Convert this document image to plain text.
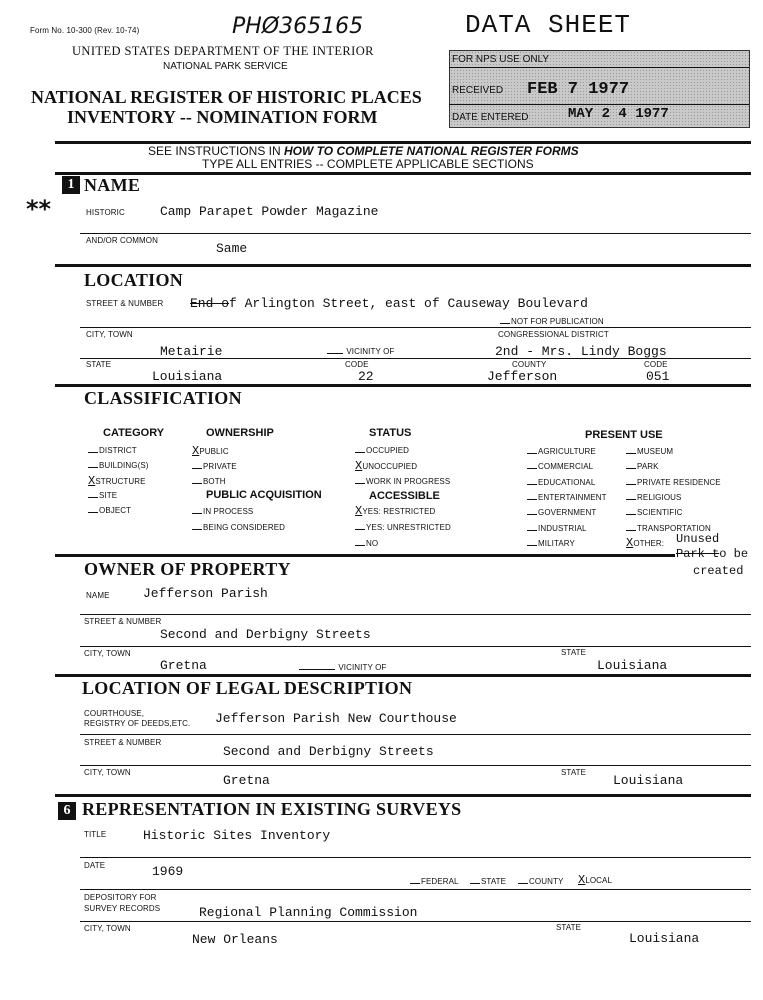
Form No. 10-300 (Rev. 10-74)	PHØ365165	DATA SHEET
UNITED STATES DEPARTMENT OF THE INTERIOR
NATIONAL PARK SERVICE
NATIONAL REGISTER OF HISTORIC PLACES
INVENTORY -- NOMINATION FORM
FOR NPS USE ONLY
RECEIVED FEB 7 1977
DATE ENTERED	MAY 2 4 1977
SEE INSTRUCTIONS IN HOW TO COMPLETE NATIONAL REGISTER FORMS
TYPE ALL ENTRIES -- COMPLETE APPLICABLE SECTIONS
1 NAME
**	HISTORIC	Camp Parapet Powder Magazine
AND/OR COMMON
Same
LOCATION
STREET & NUMBER End of Arlington Street, east of Causeway Boulevard
NOT FOR PUBLICATION
CITY, TOWN	CONGRESSIONAL DISTRICT
Metairie	VICINITY OF	2nd - Mrs. Lindy Boggs
STATE	CODE	COUNTY	CODE
Louisiana	22	Jefferson	051
CLASSIFICATION
CATEGORY
DISTRICT
BUILDING(S)
XSTRUCTURE
SITE
OBJECT
OWNERSHIP
XPUBLIC
PRIVATE
BOTH
PUBLIC ACQUISITION
IN PROCESS
BEING CONSIDERED
STATUS
OCCUPIED
XUNOCCUPIED
WORK IN PROGRESS
ACCESSIBLE
XYES: RESTRICTED
YES: UNRESTRICTED
NO
PRESENT USE
AGRICULTURE
COMMERCIAL
EDUCATIONAL
ENTERTAINMENT
GOVERNMENT
INDUSTRIAL
MILITARY
MUSEUM
PARK
PRIVATE RESIDENCE
RELIGIOUS
SCIENTIFIC
TRANSPORTATION
XOTHER: Unused
Park to be
created
OWNER OF PROPERTY
NAME	Jefferson Parish
STREET & NUMBER
Second and Derbigny Streets
CITY, TOWN	STATE
Gretna	VICINITY OF	Louisiana
LOCATION OF LEGAL DESCRIPTION
COURTHOUSE,
REGISTRY OF DEEDS,ETC. Jefferson Parish New Courthouse
STREET & NUMBER
Second and Derbigny Streets
CITY, TOWN	STATE
Gretna	Louisiana
6 REPRESENTATION IN EXISTING SURVEYS
TITLE	Historic Sites Inventory
DATE	1969
FEDERAL	STATE	COUNTY XLOCAL
DEPOSITORY FOR
SURVEY RECORDS	Regional Planning Commission
CITY, TOWN	STATE
New Orleans	Louisiana
